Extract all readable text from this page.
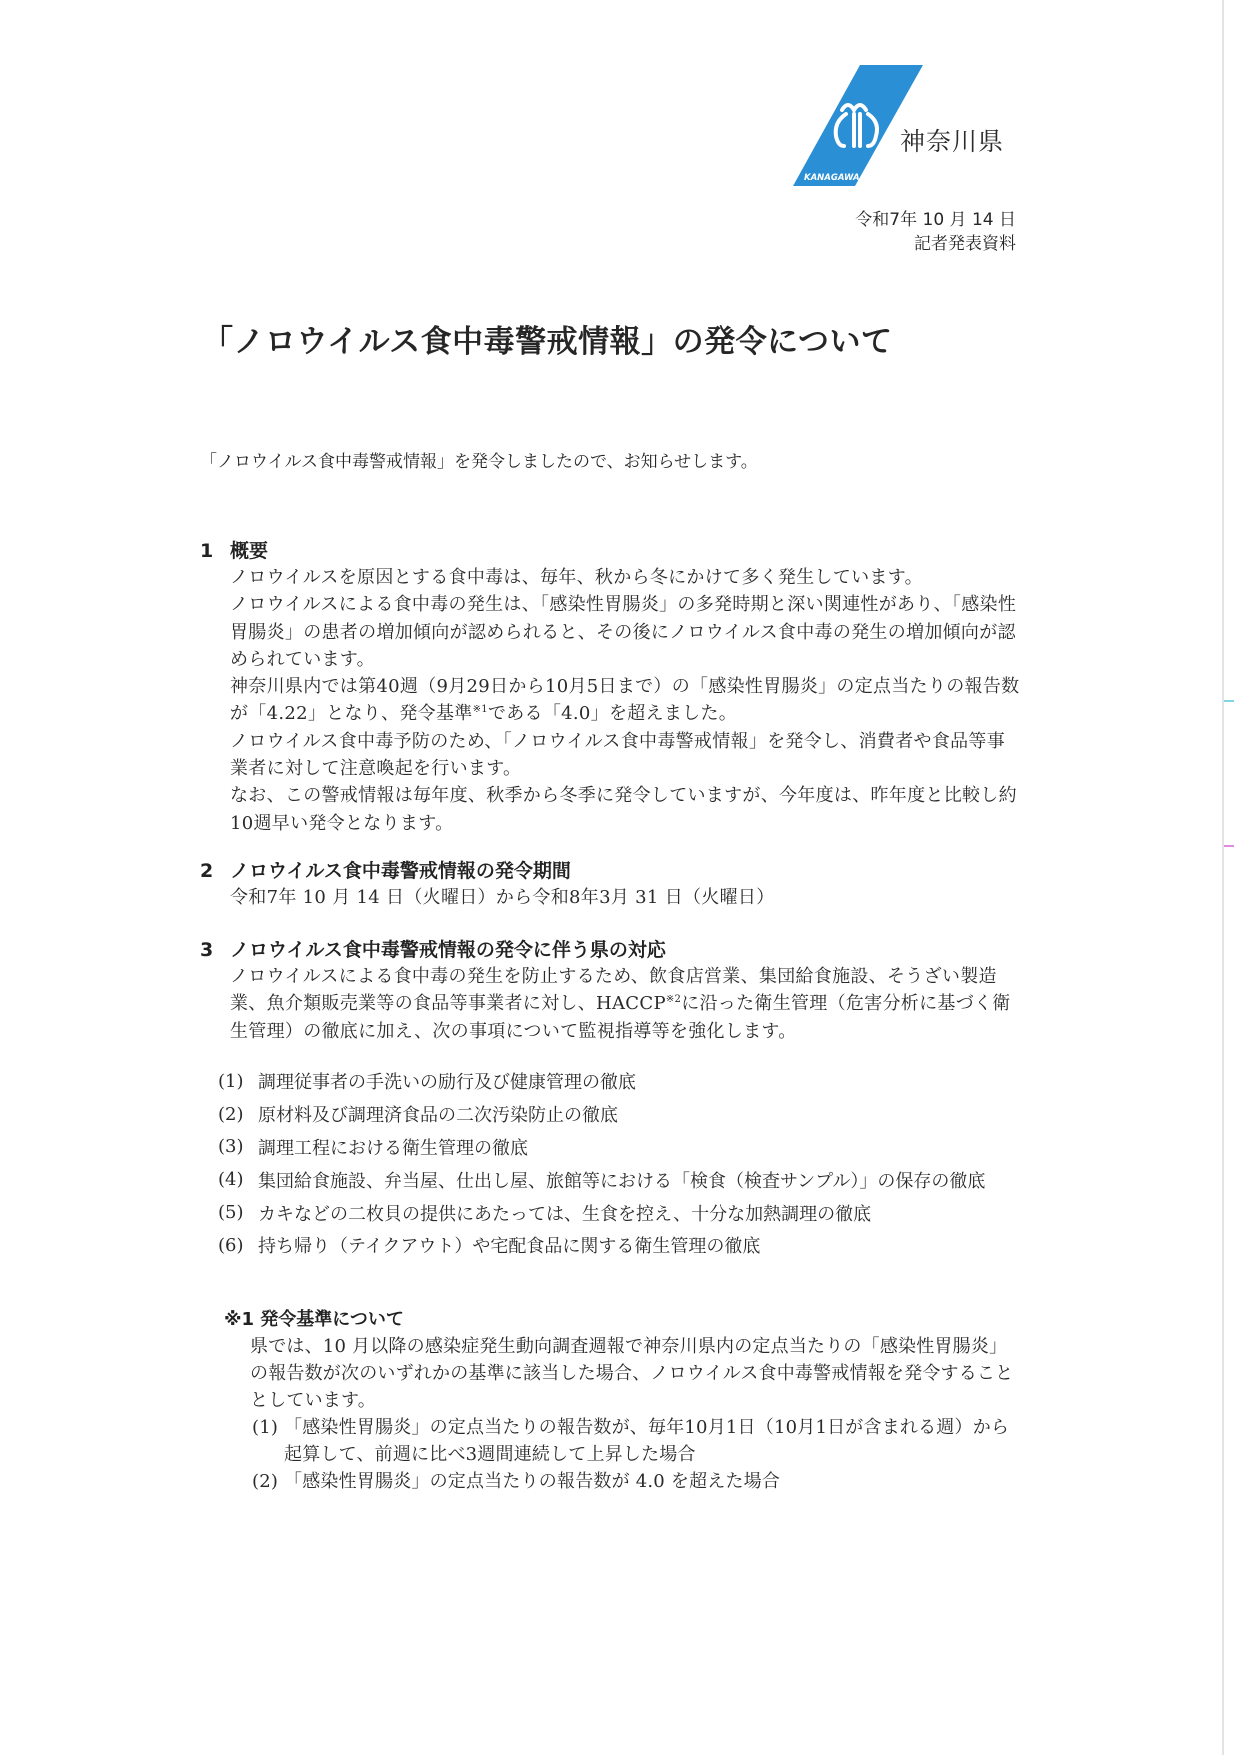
KANAGAWA
神奈川県
令和7年 10 月 14 日
記者発表資料
「ノロウイルス食中毒警戒情報」の発令について
「ノロウイルス食中毒警戒情報」を発令しましたので、お知らせします。
1 概要

ノロウイルスを原因とする食中毒は、毎年、秋から冬にかけて多く発生しています。

ノロウイルスによる食中毒の発生は、「感染性胃腸炎」の多発時期と深い関連性があり、「感染性胃腸炎」の患者の増加傾向が認められると、その後にノロウイルス食中毒の発生の増加傾向が認められています。

神奈川県内では第40週（9月29日から10月5日まで）の「感染性胃腸炎」の定点当たりの報告数が「4.22」となり、発令基準$^{※1}$である「4.0」を超えました。

ノロウイルス食中毒予防のため、「ノロウイルス食中毒警戒情報」を発令し、消費者や食品等事業者に対して注意喚起を行います。

なお、この警戒情報は毎年度、秋季から冬季に発令していますが、今年度は、昨年度と比較し約10週早い発令となります。

2 ノロウイルス食中毒警戒情報の発令期間

令和7年 10 月 14 日（火曜日）から令和8年3月 31 日（火曜日）

3 ノロウイルス食中毒警戒情報の発令に伴う県の対応

ノロウイルスによる食中毒の発生を防止するため、飲食店営業、集団給食施設、そうざい製造業、魚介類販売業等の食品等事業者に対し、HACCP$^{※2}$に沿った衛生管理（危害分析に基づく衛生管理）の徹底に加え、次の事項について監視指導等を強化します。

(1) 調理従事者の手洗いの励行及び健康管理の徹底
(2) 原材料及び調理済食品の二次汚染防止の徹底
(3) 調理工程における衛生管理の徹底
(4) 集団給食施設、弁当屋、仕出し屋、旅館等における「検食（検査サンプル）」の保存の徹底
(5) カキなどの二枚貝の提供にあたっては、生食を控え、十分な加熱調理の徹底
(6) 持ち帰り（テイクアウト）や宅配食品に関する衛生管理の徹底
※1 発令基準について

県では、10 月以降の感染症発生動向調査週報で神奈川県内の定点当たりの「感染性胃腸炎」の報告数が次のいずれかの基準に該当した場合、ノロウイルス食中毒警戒情報を発令することとしています。

(1) 「感染性胃腸炎」の定点当たりの報告数が、毎年10月1日（10月1日が含まれる週）から起算して、前週に比べ3週間連続して上昇した場合
(2) 「感染性胃腸炎」の定点当たりの報告数が 4.0 を超えた場合
